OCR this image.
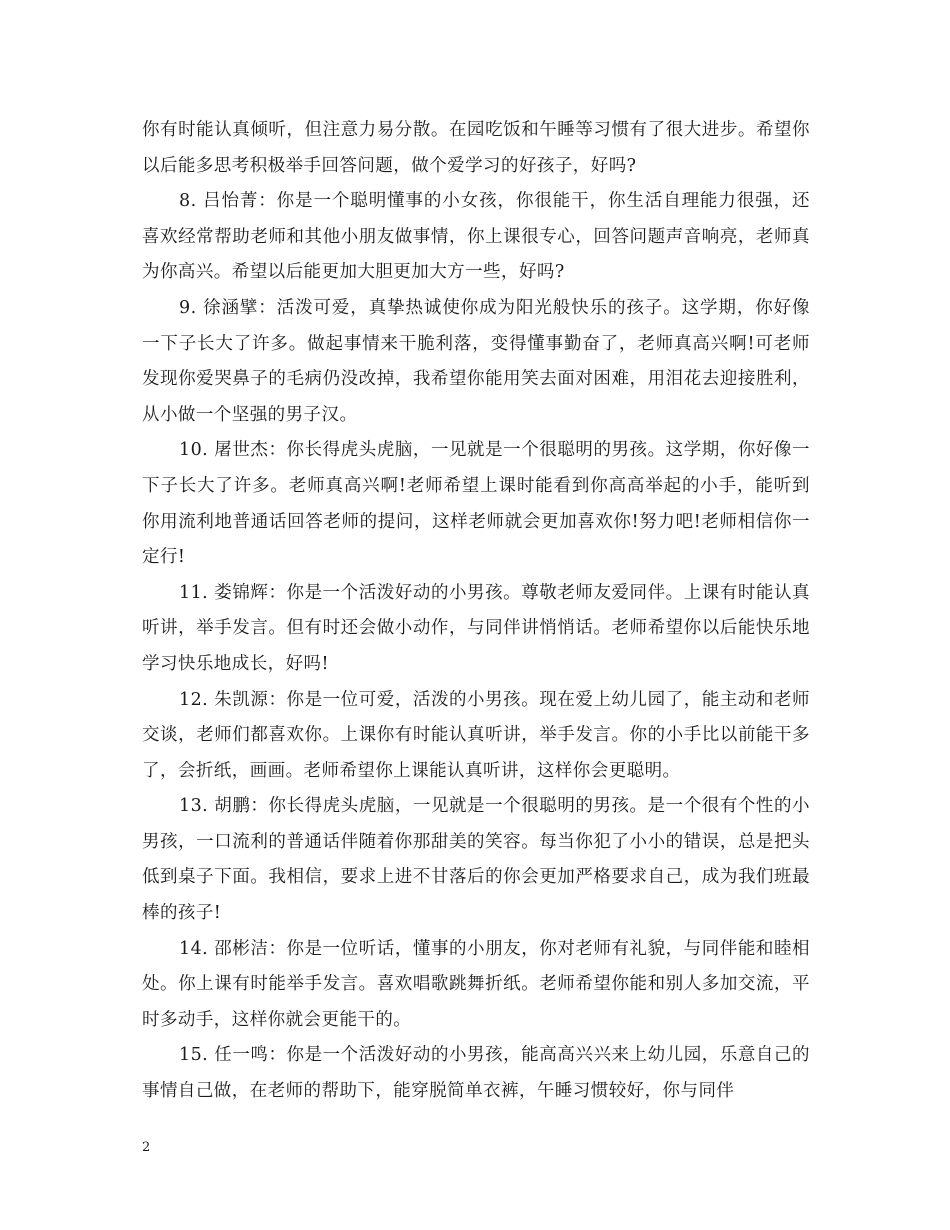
你有时能认真倾听，但注意力易分散。在园吃饭和午睡等习惯有了很大进步。希望你以后能多思考积极举手回答问题，做个爱学习的好孩子，好吗?

8. 吕怡菁：你是一个聪明懂事的小女孩，你很能干，你生活自理能力很强，还喜欢经常帮助老师和其他小朋友做事情，你上课很专心，回答问题声音响亮，老师真为你高兴。希望以后能更加大胆更加大方一些，好吗?

9. 徐涵擘：活泼可爱，真挚热诚使你成为阳光般快乐的孩子。这学期，你好像一下子长大了许多。做起事情来干脆利落，变得懂事勤奋了，老师真高兴啊!可老师发现你爱哭鼻子的毛病仍没改掉，我希望你能用笑去面对困难，用泪花去迎接胜利，从小做一个坚强的男子汉。

10. 屠世杰：你长得虎头虎脑，一见就是一个很聪明的男孩。这学期，你好像一下子长大了许多。老师真高兴啊!老师希望上课时能看到你高高举起的小手，能听到你用流利地普通话回答老师的提问，这样老师就会更加喜欢你!努力吧!老师相信你一定行!

11. 娄锦辉：你是一个活泼好动的小男孩。尊敬老师友爱同伴。上课有时能认真听讲，举手发言。但有时还会做小动作，与同伴讲悄悄话。老师希望你以后能快乐地学习快乐地成长，好吗!

12. 朱凯源：你是一位可爱，活泼的小男孩。现在爱上幼儿园了，能主动和老师交谈，老师们都喜欢你。上课你有时能认真听讲，举手发言。你的小手比以前能干多了，会折纸，画画。老师希望你上课能认真听讲，这样你会更聪明。

13. 胡鹏：你长得虎头虎脑，一见就是一个很聪明的男孩。是一个很有个性的小男孩，一口流利的普通话伴随着你那甜美的笑容。每当你犯了小小的错误，总是把头低到桌子下面。我相信，要求上进不甘落后的你会更加严格要求自己，成为我们班最棒的孩子!

14. 邵彬洁：你是一位听话，懂事的小朋友，你对老师有礼貌，与同伴能和睦相处。你上课有时能举手发言。喜欢唱歌跳舞折纸。老师希望你能和别人多加交流，平时多动手，这样你就会更能干的。

15. 任一鸣：你是一个活泼好动的小男孩，能高高兴兴来上幼儿园，乐意自己的事情自己做，在老师的帮助下，能穿脱简单衣裤，午睡习惯较好，你与同伴

2
